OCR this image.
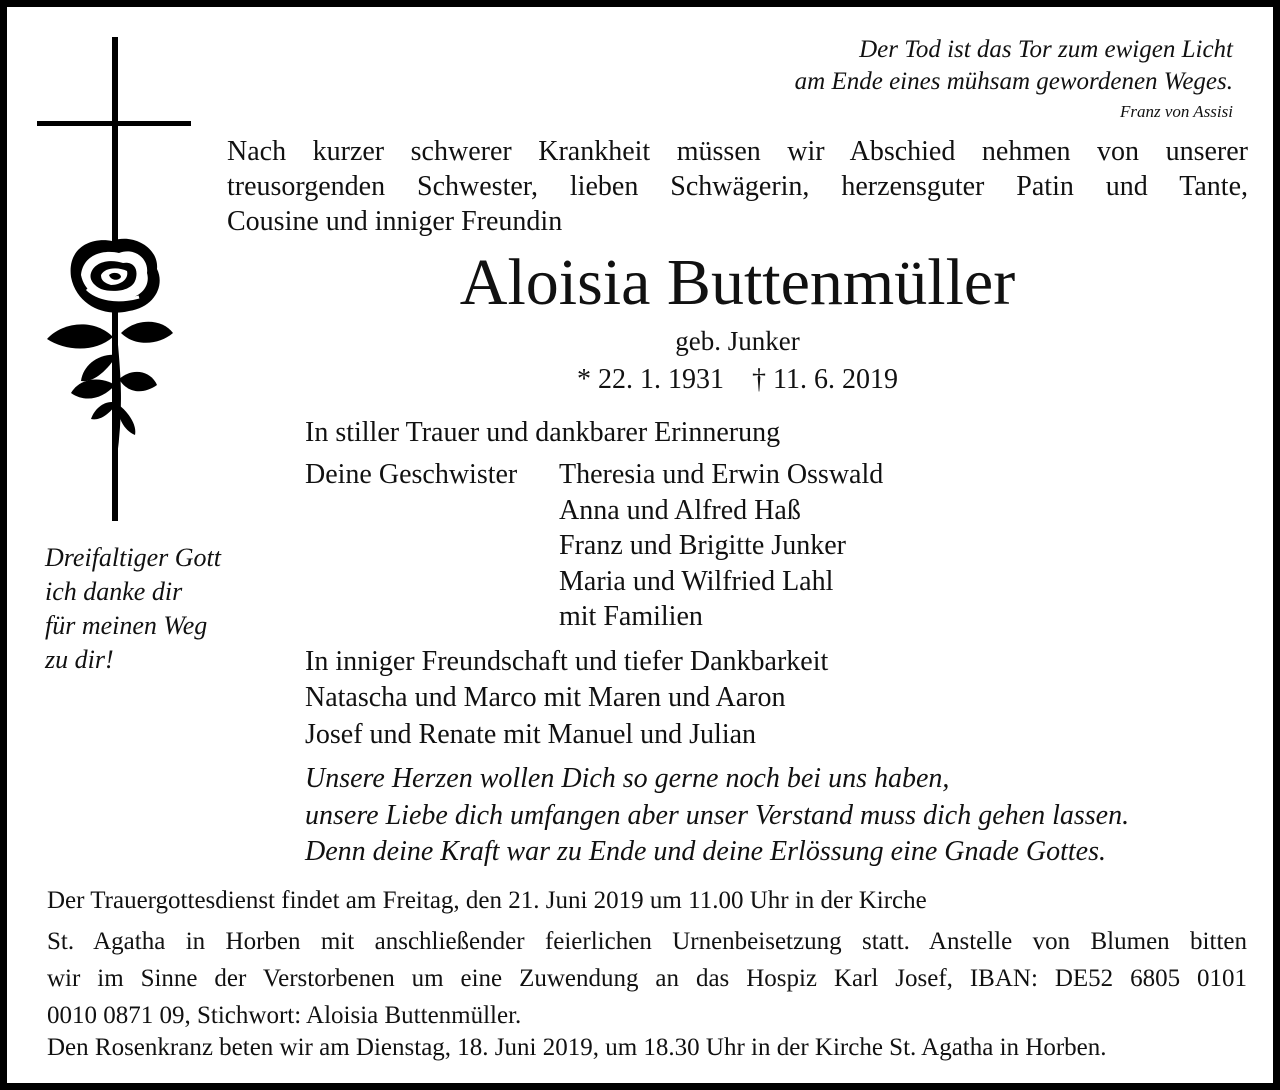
Der Tod ist das Tor zum ewigen Licht
am Ende eines mühsam gewordenen Weges.
Franz von Assisi
Nach kurzer schwerer Krankheit müssen wir Abschied nehmen von unserer
treusorgenden Schwester, lieben Schwägerin, herzensguter Patin und Tante,
Cousine und inniger Freundin
Aloisia Buttenmüller
geb. Junker
* 22. 1. 1931 † 11. 6. 2019
Dreifaltiger Gott
ich danke dir
für meinen Weg
zu dir!
In stiller Trauer und dankbarer Erinnerung
Deine Geschwister Theresia und Erwin Osswald
Anna und Alfred Haß
Franz und Brigitte Junker
Maria und Wilfried Lahl
mit Familien
In inniger Freundschaft und tiefer Dankbarkeit
Natascha und Marco mit Maren und Aaron
Josef und Renate mit Manuel und Julian
Unsere Herzen wollen Dich so gerne noch bei uns haben,
unsere Liebe dich umfangen aber unser Verstand muss dich gehen lassen.
Denn deine Kraft war zu Ende und deine Erlössung eine Gnade Gottes.
Der Trauergottesdienst findet am Freitag, den 21. Juni 2019 um 11.00 Uhr in der Kirche
St. Agatha in Horben mit anschließender feierlichen Urnenbeisetzung statt. Anstelle von Blumen bitten
wir im Sinne der Verstorbenen um eine Zuwendung an das Hospiz Karl Josef, IBAN: DE52 6805 0101
0010 0871 09, Stichwort: Aloisia Buttenmüller.
Den Rosenkranz beten wir am Dienstag, 18. Juni 2019, um 18.30 Uhr in der Kirche St. Agatha in Horben.
